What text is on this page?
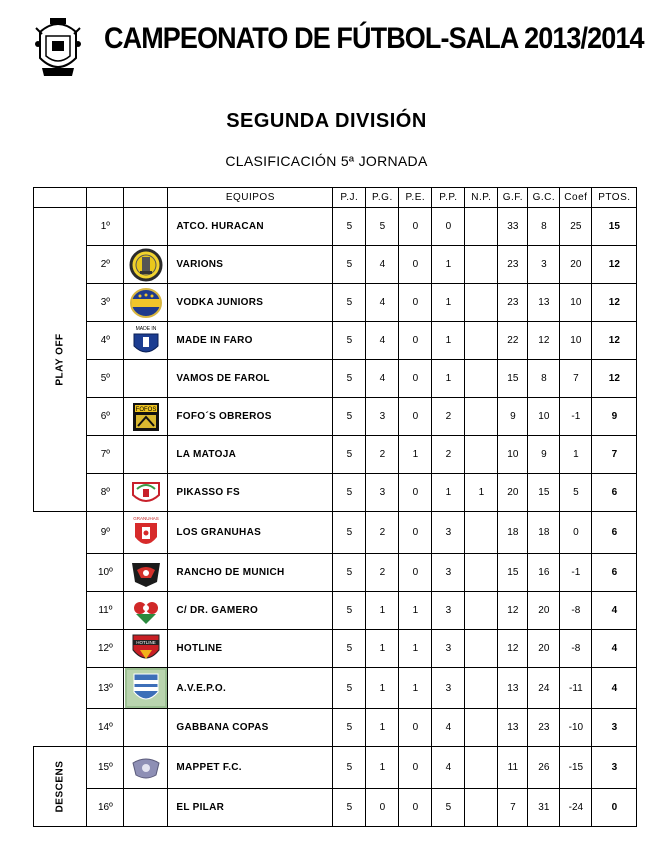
CAMPEONATO DE FÚTBOL-SALA 2013/2014
SEGUNDA DIVISIÓN
CLASIFICACIÓN 5ª JORNADA
			EQUIPOS	P.J.	P.G.	P.E.	P.P.	N.P.	G.F.	G.C.	Coef	PTOS.
PLAY OFF	1º		ATCO. HURACAN	5	5	0	0		33	8	25	15
	2º		VARIONS	5	4	0	1		23	3	20	12
	3º		VODKA JUNIORS	5	4	0	1		23	13	10	12
	4º	MADE IN	MADE IN FARO	5	4	0	1		22	12	10	12
	5º		VAMOS DE FAROL	5	4	0	1		15	8	7	12
	6º	FOFOS	FOFO´S OBREROS	5	3	0	2		9	10	-1	9
	7º		LA MATOJA	5	2	1	2		10	9	1	7
	8º		PIKASSO FS	5	3	0	1	1	20	15	5	6
	9º	GRANUHAS	LOS GRANUHAS	5	2	0	3		18	18	0	6
	10º		RANCHO DE MUNICH	5	2	0	3		15	16	-1	6
	11º		C/ DR. GAMERO	5	1	1	3		12	20	-8	4
	12º	HOTLINE	HOTLINE	5	1	1	3		12	20	-8	4
	13º		A.V.E.P.O.	5	1	1	3		13	24	-11	4
	14º		GABBANA COPAS	5	1	0	4		13	23	-10	3
DESCENS	15º		MAPPET F.C.	5	1	0	4		11	26	-15	3
	16º		EL PILAR	5	0	0	5		7	31	-24	0
